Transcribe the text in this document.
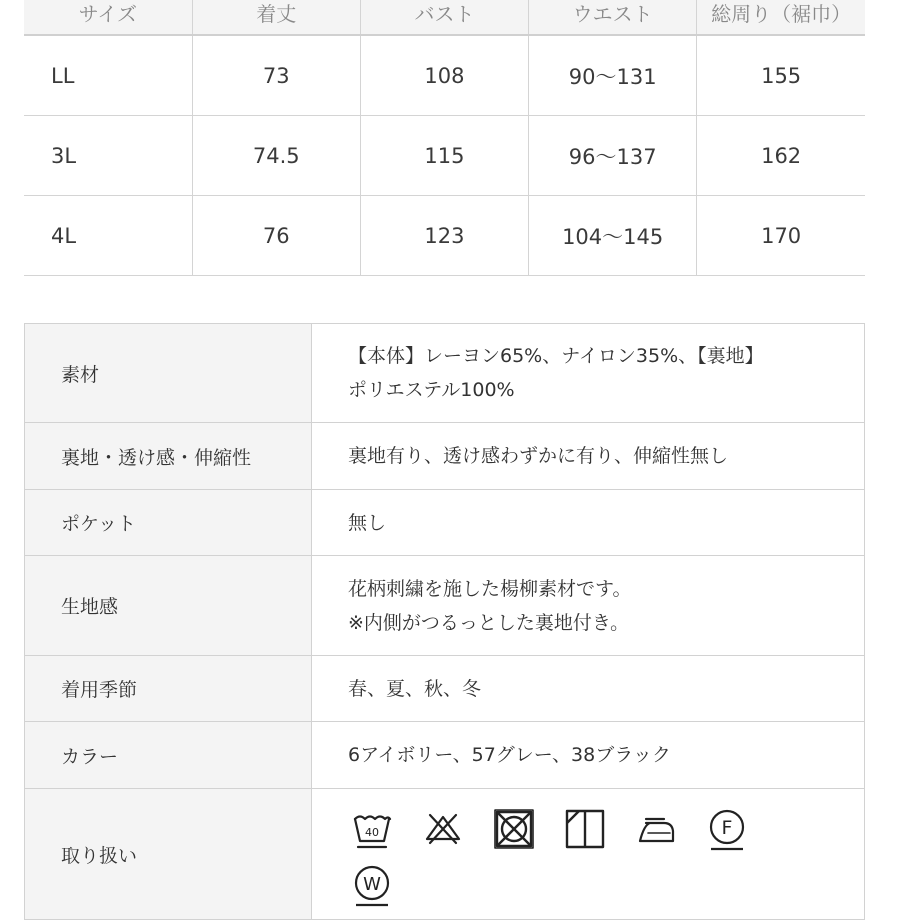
サイズ	着丈	バスト	ウエスト	総周り（裾巾）
LL	73	108	90〜131	155
3L	74.5	115	96〜137	162
4L	76	123	104〜145	170
素材	【本体】レーヨン65%、ナイロン35%、【裏地】
ポリエステル100%

裏地・透け感・伸縮性	裏地有り、透け感わずかに有り、伸縮性無し
ポケット	無し
生地感	花柄刺繍を施した楊柳素材です。
※内側がつるっとした裏地付き。

着用季節	春、夏、秋、冬
カラー	6アイボリー、57グレー、38ブラック
取り扱い	40 F
W
